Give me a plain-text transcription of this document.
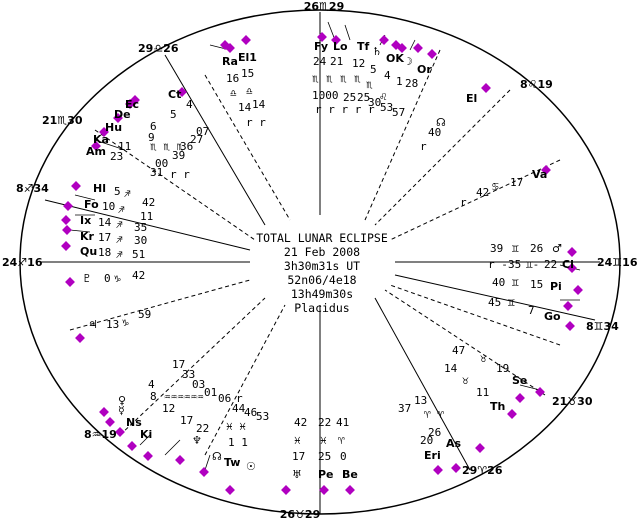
TOTAL LUNAR ECLIPSE
21 Feb 2008
3h30m31s UT
52n06/4e18
13h49m30s
Placidus
26♏29
26♉29
24♐16	24♊16
29♎26
21♏30
8♐34
8♒19
8♌19
8♊34
21♉30
29♈26
Fy Lo Tf ♄
OK ☽
Or
24 21 12 5 4 1 28
♏ ♏ ♏ ♏ ♏
♌
1000 25 25
30
53
57
r r r r r
Ra El1
16 15
♎ ♎
14 14
r r
Ct
Ec
De
Hu
Ka
Am
4
5
6
9
11
23
♏ ♏ ♏
07
27
36
39
00
31 r r
Hl
Fo
Ix
Kr
Qu
5
10
14
17
18
♐
♐
♐
♐
♐
42
11
35
30
51
♇ 0 ♑ 42
♃ 13 ♑
59
♀
☿
Ns
Ki	♆
☊ Tw ☉
4
8
12
17
22
17
33
03
01 06
44
46
53
♒♒♒♒♒♒
♓ ♓
1 1
r
42 22 41
♓ ♓ ♈
17 25 0
♅ Pe Be
37
13
26
20
47
14
11
19
Th
As
Eri
Se
♈ ♈
♉
♉
39 ♊ 26 ♂
r - 35 ♊- 22 Ci
40 ♊ 15 Pi
45 ♊
7 Go
El
☊
40
r
Va
17
♋
42
r
